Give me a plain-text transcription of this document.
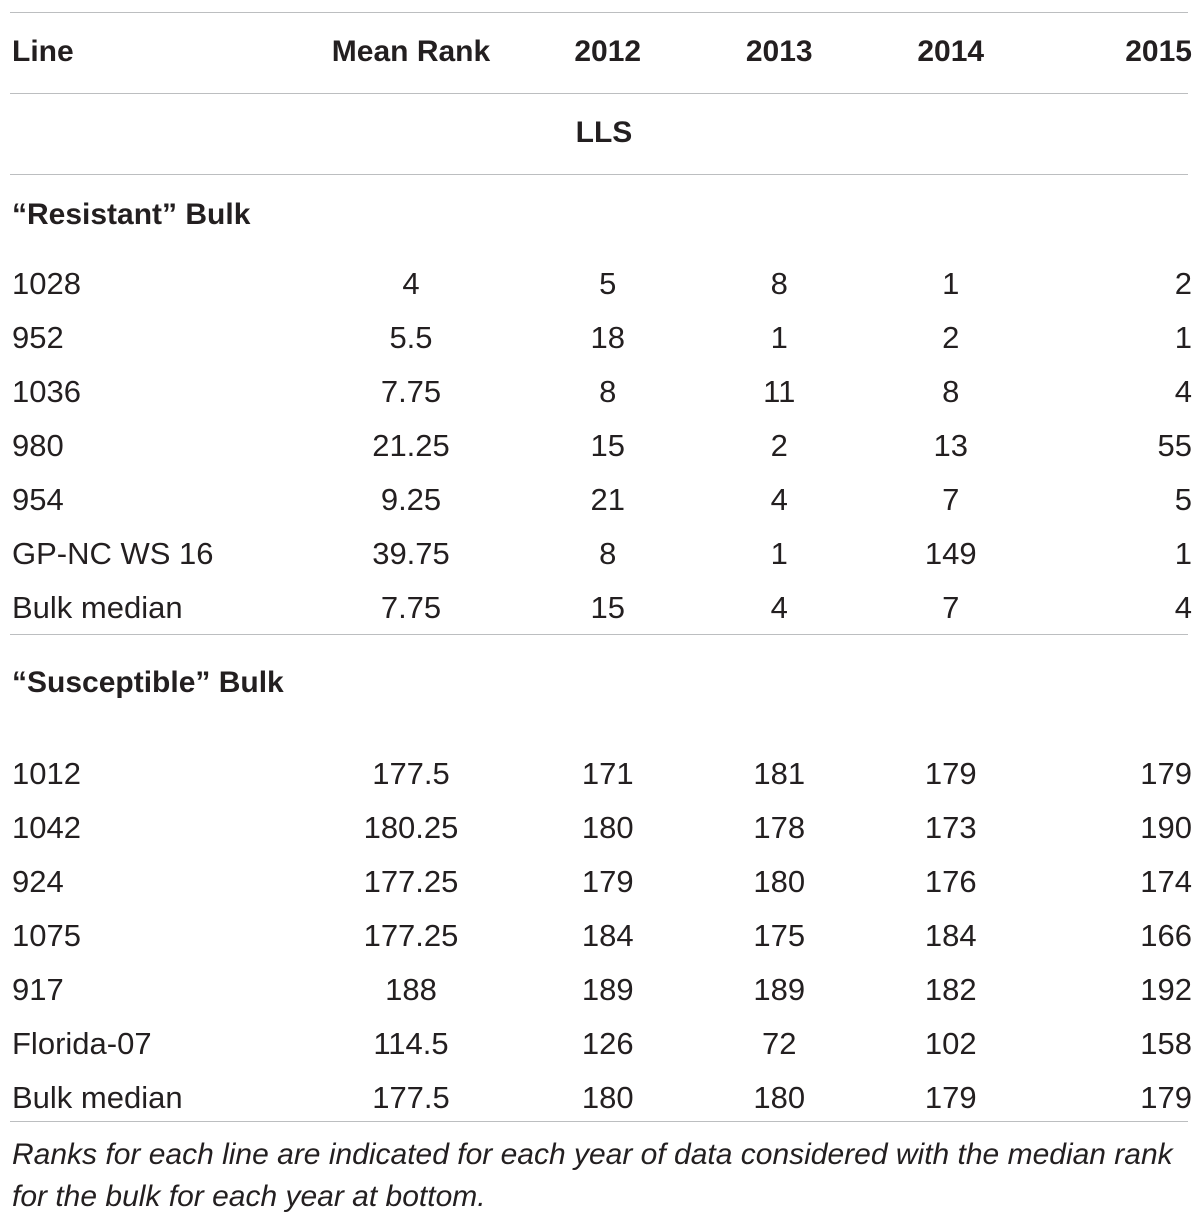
Line	Mean Rank	2012	2013	2014	2015
LLS					
“Resistant” Bulk					
1028	4	5	8	1	2
952	5.5	18	1	2	1
1036	7.75	8	11	8	4
980	21.25	15	2	13	55
954	9.25	21	4	7	5
GP-NC WS 16	39.75	8	1	149	1
Bulk median	7.75	15	4	7	4

“Susceptible” Bulk					

1012	177.5	171	181	179	179
1042	180.25	180	178	173	190
924	177.25	179	180	176	174
1075	177.25	184	175	184	166
917	188	189	189	182	192
Florida-07	114.5	126	72	102	158
Bulk median	177.5	180	180	179	179
Ranks for each line are indicated for each year of data considered with the median rank for the bulk for each year at bottom.
